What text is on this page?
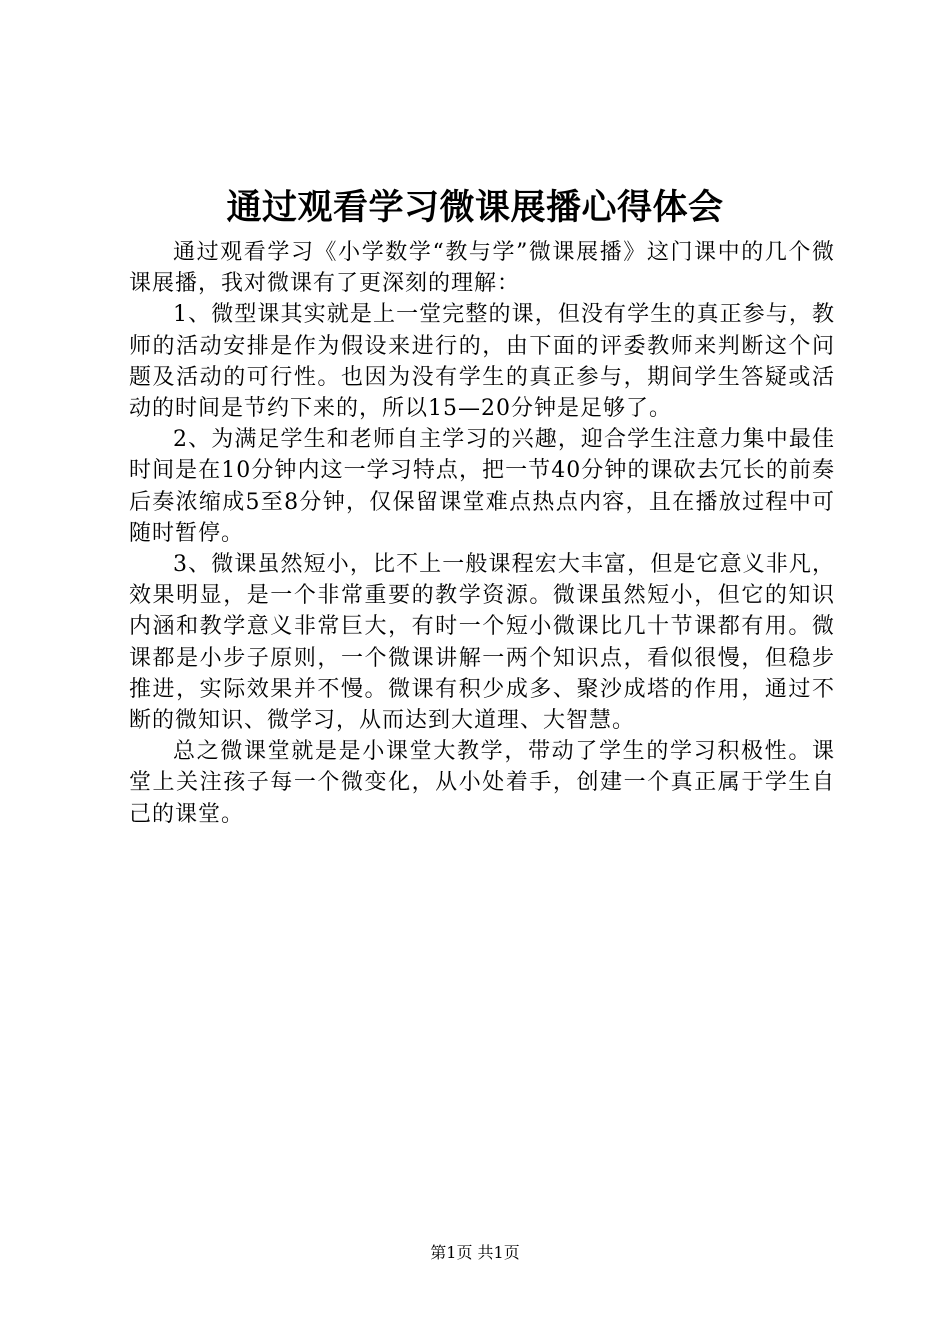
通过观看学习微课展播心得体会

通过观看学习《小学数学“教与学”微课展播》这门课中的几个微课展播，我对微课有了更深刻的理解：

1、微型课其实就是上一堂完整的课，但没有学生的真正参与，教师的活动安排是作为假设来进行的，由下面的评委教师来判断这个问题及活动的可行性。也因为没有学生的真正参与，期间学生答疑或活动的时间是节约下来的，所以15—20分钟是足够了。

2、为满足学生和老师自主学习的兴趣，迎合学生注意力集中最佳时间是在10分钟内这一学习特点，把一节40分钟的课砍去冗长的前奏后奏浓缩成5至8分钟，仅保留课堂难点热点内容，且在播放过程中可随时暂停。

3、微课虽然短小，比不上一般课程宏大丰富，但是它意义非凡，效果明显，是一个非常重要的教学资源。微课虽然短小，但它的知识内涵和教学意义非常巨大，有时一个短小微课比几十节课都有用。微课都是小步子原则，一个微课讲解一两个知识点，看似很慢，但稳步推进，实际效果并不慢。微课有积少成多、聚沙成塔的作用，通过不断的微知识、微学习，从而达到大道理、大智慧。

总之微课堂就是是小课堂大教学，带动了学生的学习积极性。课堂上关注孩子每一个微变化，从小处着手，创建一个真正属于学生自己的课堂。

第1页 共1页
